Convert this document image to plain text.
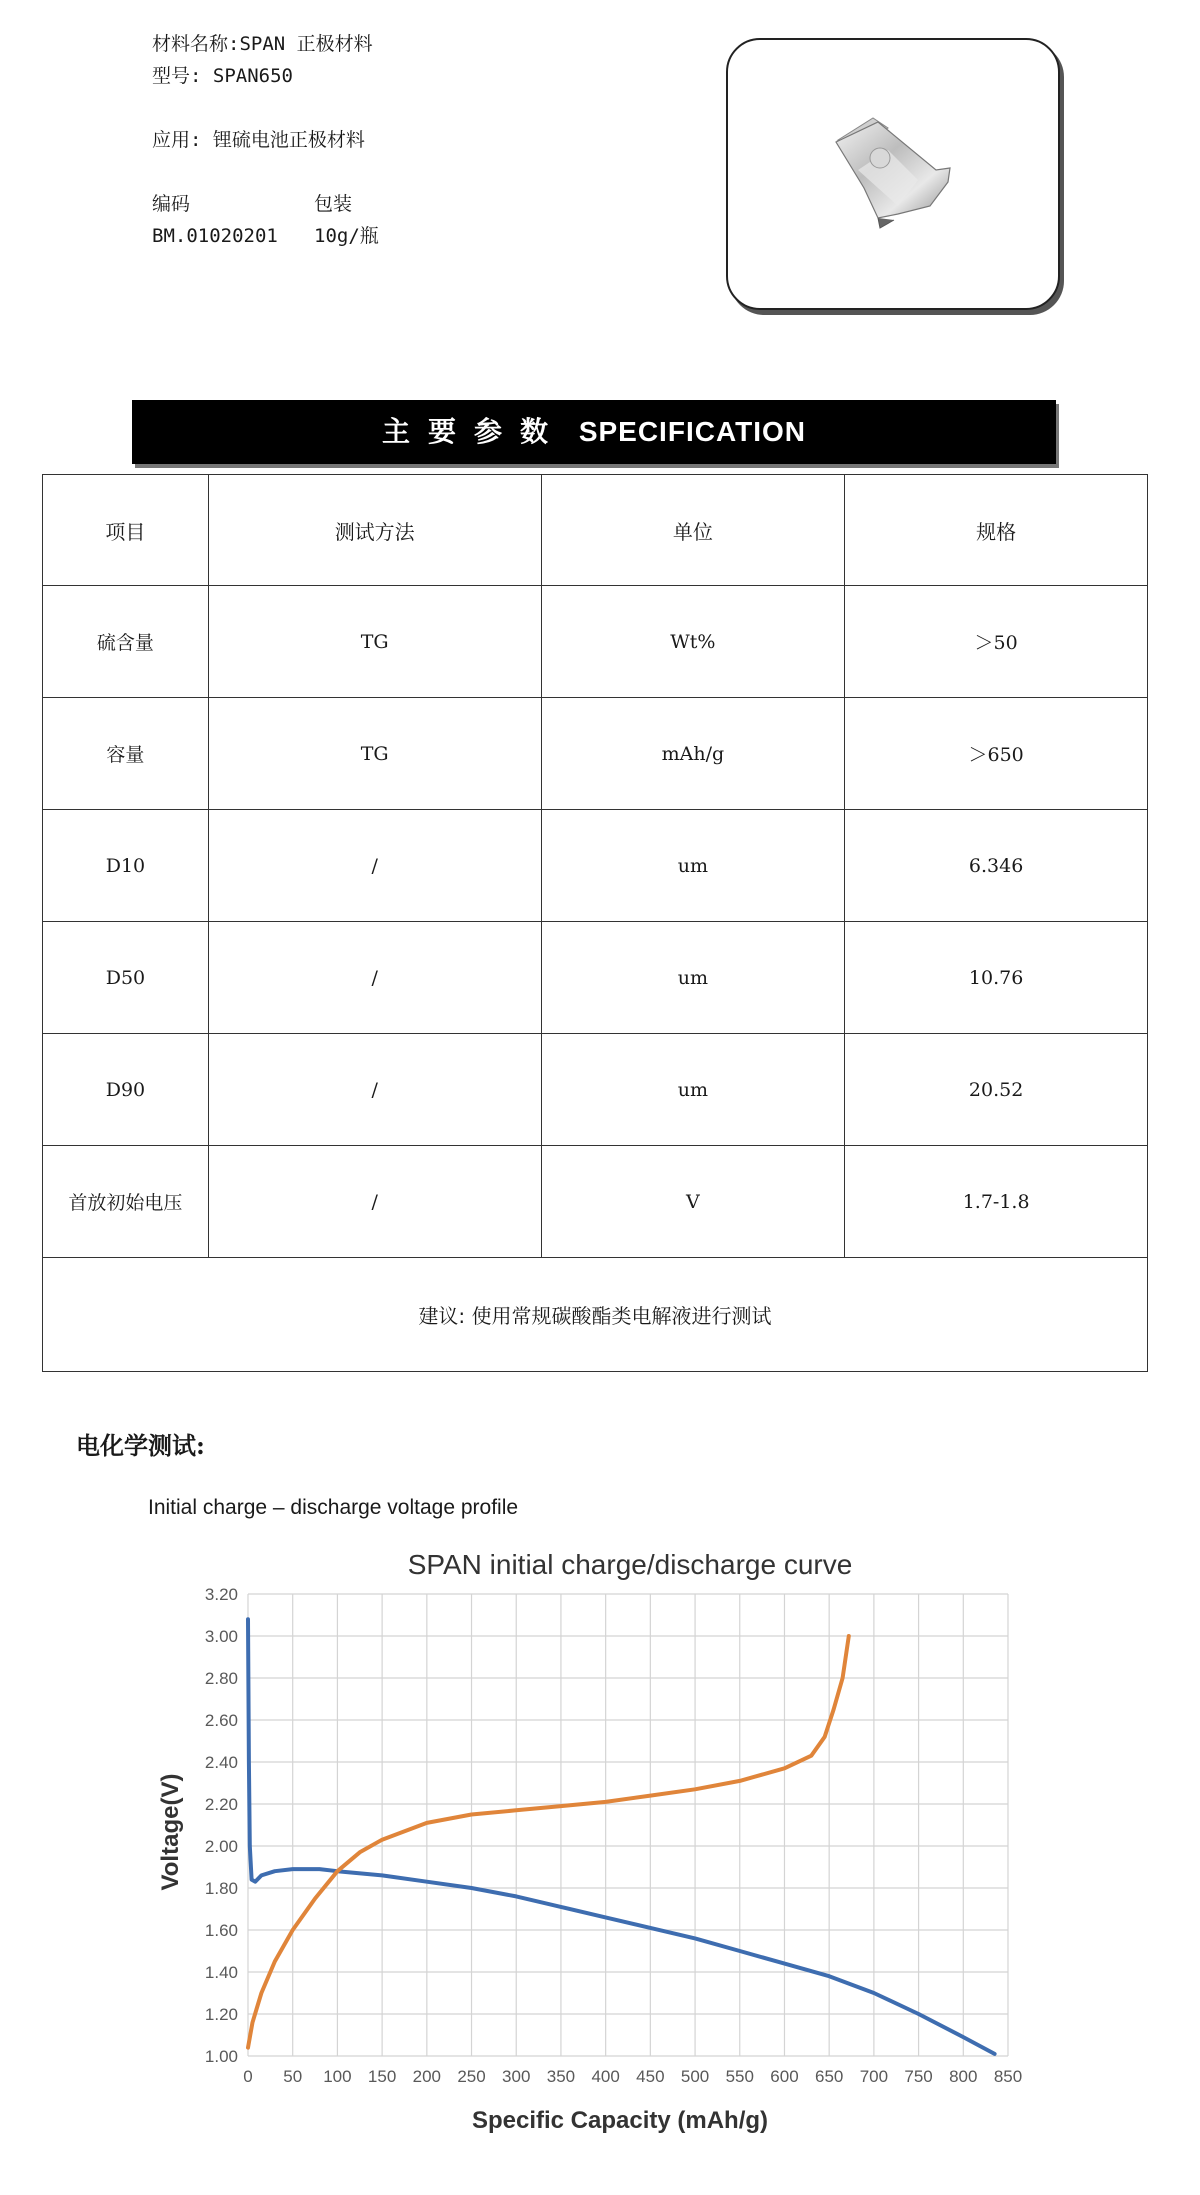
材料名称:SPAN 正极材料
型号: SPAN650
应用: 锂硫电池正极材料
编码	包装
BM.01020201 10g/瓶
主要参数 SPECIFICATION
项目	测试方法	单位	规格
硫含量	TG	Wt%	＞50
容量	TG	mAh/g	＞650
D10	/	um	6.346
D50	/	um	10.76
D90	/	um	20.52
首放初始电压	/	V	1.7-1.8
建议: 使用常规碳酸酯类电解液进行测试			
电化学测试:
Initial charge – discharge voltage profile
SPAN initial charge/discharge curve
1.00
1.20
1.40
1.60
1.80
2.00
2.20
2.40
2.60
2.80
3.00
3.20
0 50 100 150 200 250 300 350 400 450 500 550 600 650 700 750 800 850
Specific Capacity (mAh/g)
Voltage(V)
